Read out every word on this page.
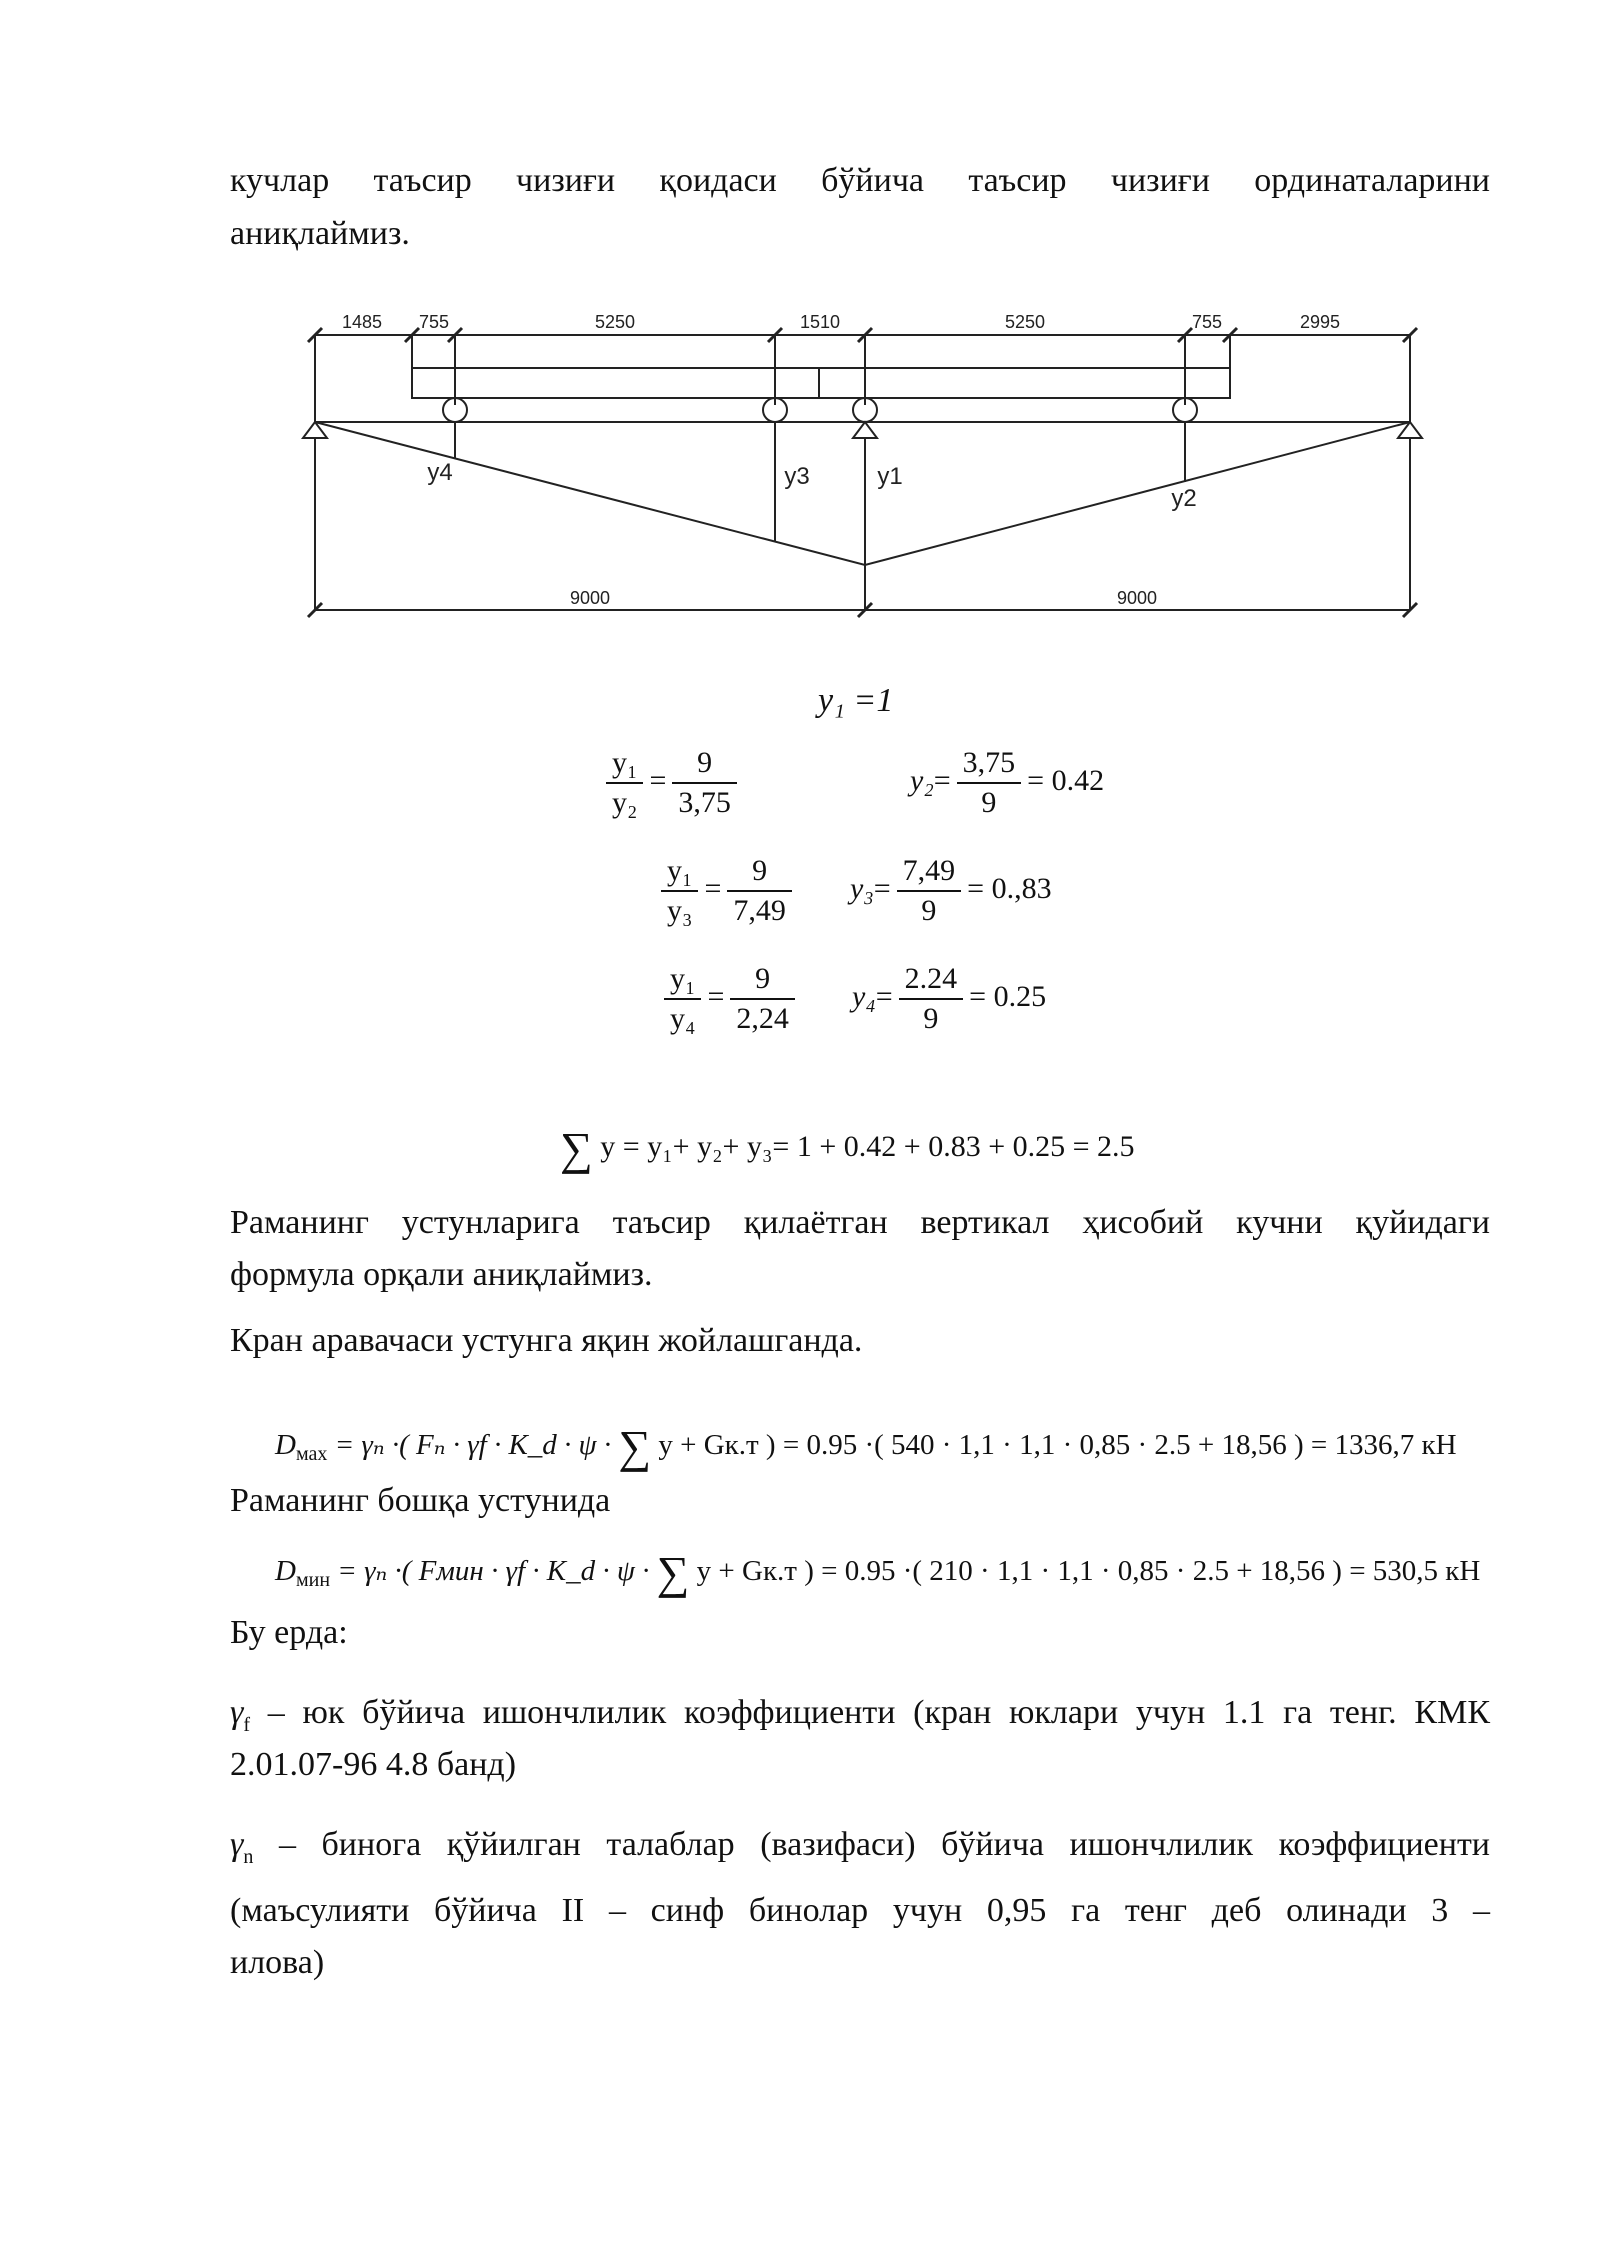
кучлар таъсир чизиғи қоидаси бўйича таъсир чизиғи ординаталарини
аниқлаймиз.
1485 755	5250	1510	5250	755	2995
9000	9000
y4	y3	y1
y2
y₁ =1
$\frac{\text{y₁}}{\text{y₂}} = \frac{9}{3,75}$	$y_2= \frac{3,75}{9} = 0.42$
$\frac{\text{y₁}}{\text{y₃}} = \frac{9}{7,49} y_3= \frac{7,49}{9} = 0.,83$
$\frac{\text{y₁}}{\text{y₄}} = \frac{9}{2,24} y_4= \frac{2.24}{9} = 0.25$
∑ y = y₁+ y₂+ y₃= 1 + 0.42 + 0.83 + 0.25 = 2.5
Раманинг устунларига таъсир қилаётган вертикал ҳисобий кучни қуйидаги
формула орқали аниқлаймиз.
Кран аравачаси устунга яқин жойлашганда.
$D_{мах} = \gamma_n$ ·( Fₙ · γf · K_d · ψ · ∑ y + Gк.т ) = 0.95 ·( 540 · 1,1 · 1,1 · 0,85 · 2.5 + 18,56 ) = 1336,7 кН
Раманинг бошқа устунида
$D_{мин} = \gamma_n$ ·( Fмин · γf · K_d · ψ · ∑ y + Gк.т ) = 0.95 ·( 210 · 1,1 · 1,1 · 0,85 · 2.5 + 18,56 ) = 530,5 кН
Бу ерда:
$\gamma_f$ – юк бўйича ишончлилик коэффициенти (кран юклари учун 1.1 га тенг. КМК
2.01.07-96 4.8 банд)
$\gamma_n$ – бинога қўйилган талаблар (вазифаси) бўйича ишончлилик коэффициенти
(маъсулияти бўйича II – синф бинолар учун 0,95 га тенг деб олинади 3 –
илова)
